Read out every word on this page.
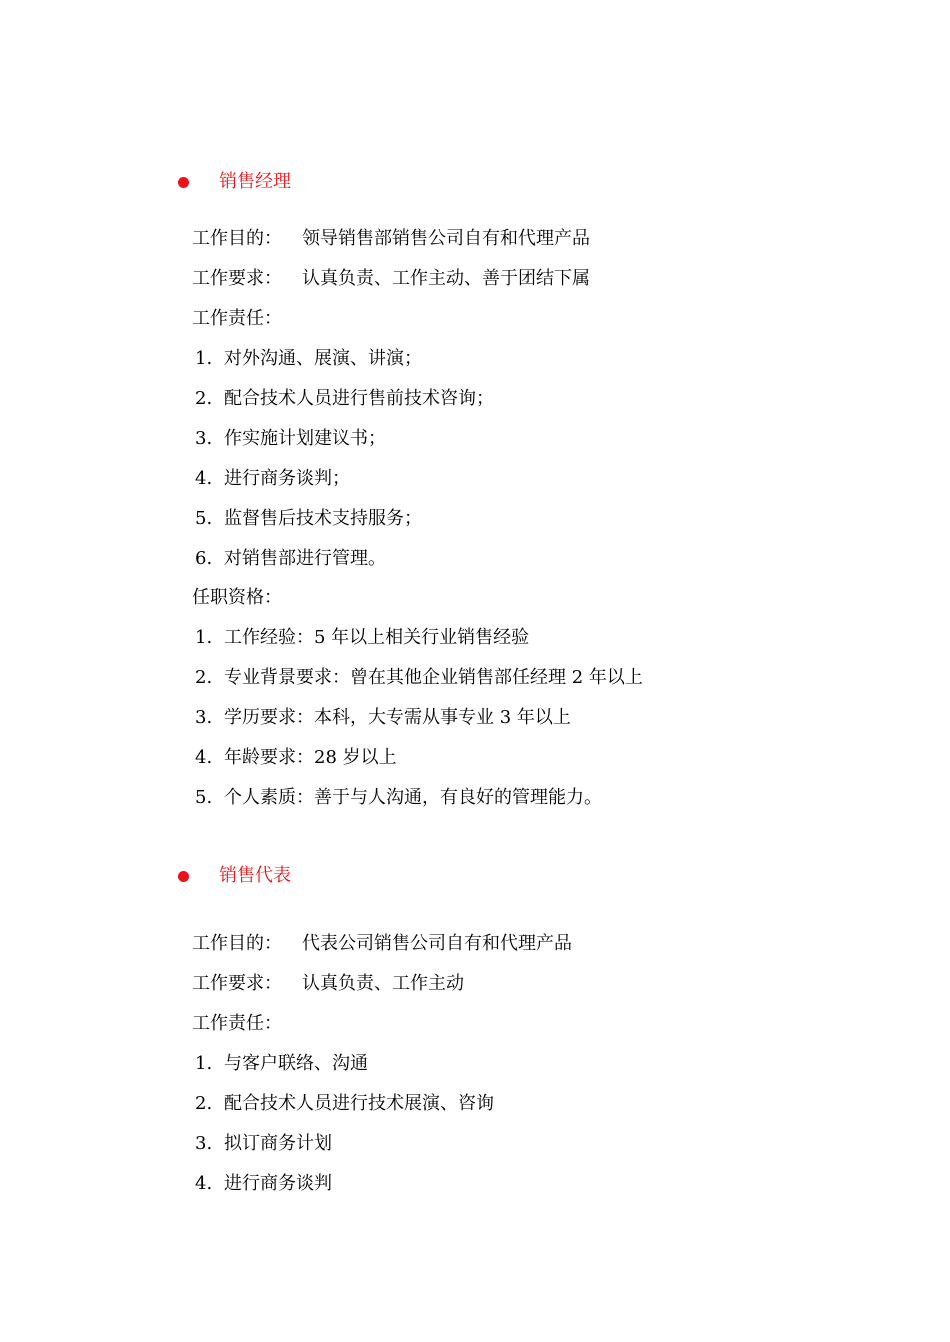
销售经理
工作目的： 领导销售部销售公司自有和代理产品
工作要求： 认真负责、工作主动、善于团结下属
工作责任：
1. 对外沟通、展演、讲演；
2. 配合技术人员进行售前技术咨询；
3. 作实施计划建议书；
4. 进行商务谈判；
5. 监督售后技术支持服务；
6. 对销售部进行管理。
任职资格：
1. 工作经验：5 年以上相关行业销售经验
2. 专业背景要求：曾在其他企业销售部任经理 2 年以上
3. 学历要求：本科，大专需从事专业 3 年以上
4. 年龄要求：28 岁以上
5. 个人素质：善于与人沟通，有良好的管理能力。
销售代表
工作目的： 代表公司销售公司自有和代理产品
工作要求： 认真负责、工作主动
工作责任：
1. 与客户联络、沟通
2. 配合技术人员进行技术展演、咨询
3. 拟订商务计划
4. 进行商务谈判
